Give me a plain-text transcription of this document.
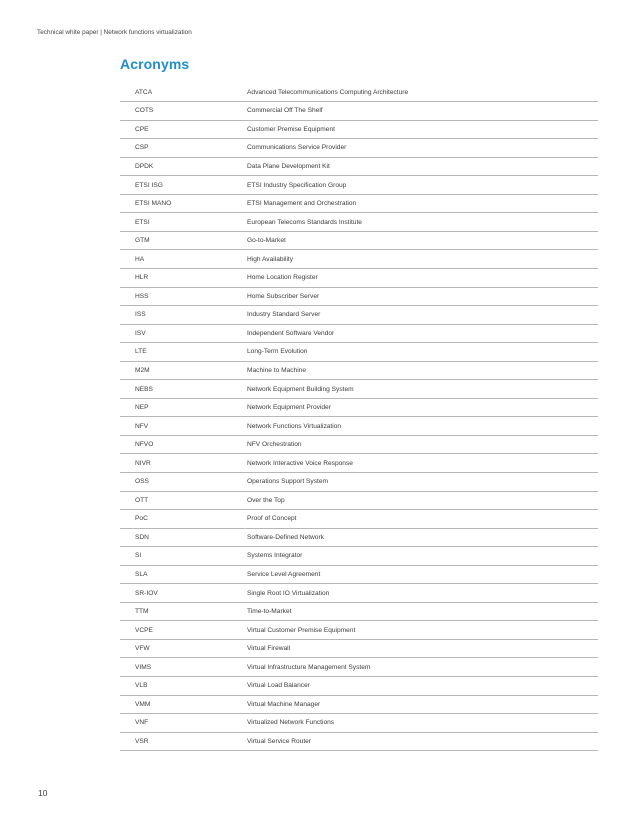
Technical white paper | Network functions virtualization
Acronyms
ATCA	Advanced Telecommunications Computing Architecture
COTS	Commercial Off The Shelf
CPE	Customer Premise Equipment
CSP	Communications Service Provider
DPDK	Data Plane Development Kit
ETSI ISG	ETSI Industry Specification Group
ETSI MANO	ETSI Management and Orchestration
ETSI	European Telecoms Standards Institute
GTM	Go-to-Market
HA	High Availability
HLR	Home Location Register
HSS	Home Subscriber Server
ISS	Industry Standard Server
ISV	Independent Software Vendor
LTE	Long-Term Evolution
M2M	Machine to Machine
NEBS	Network Equipment Building System
NEP	Network Equipment Provider
NFV	Network Functions Virtualization
NFVO	NFV Orchestration
NIVR	Network Interactive Voice Response
OSS	Operations Support System
OTT	Over the Top
PoC	Proof of Concept
SDN	Software-Defined Network
SI	Systems Integrator
SLA	Service Level Agreement
SR-IOV	Single Root IO Virtualization
TTM	Time-to-Market
VCPE	Virtual Customer Premise Equipment
VFW	Virtual Firewall
VIMS	Virtual Infrastructure Management System
VLB	Virtual Load Balancer
VMM	Virtual Machine Manager
VNF	Virtualized Network Functions
VSR	Virtual Service Router
10
